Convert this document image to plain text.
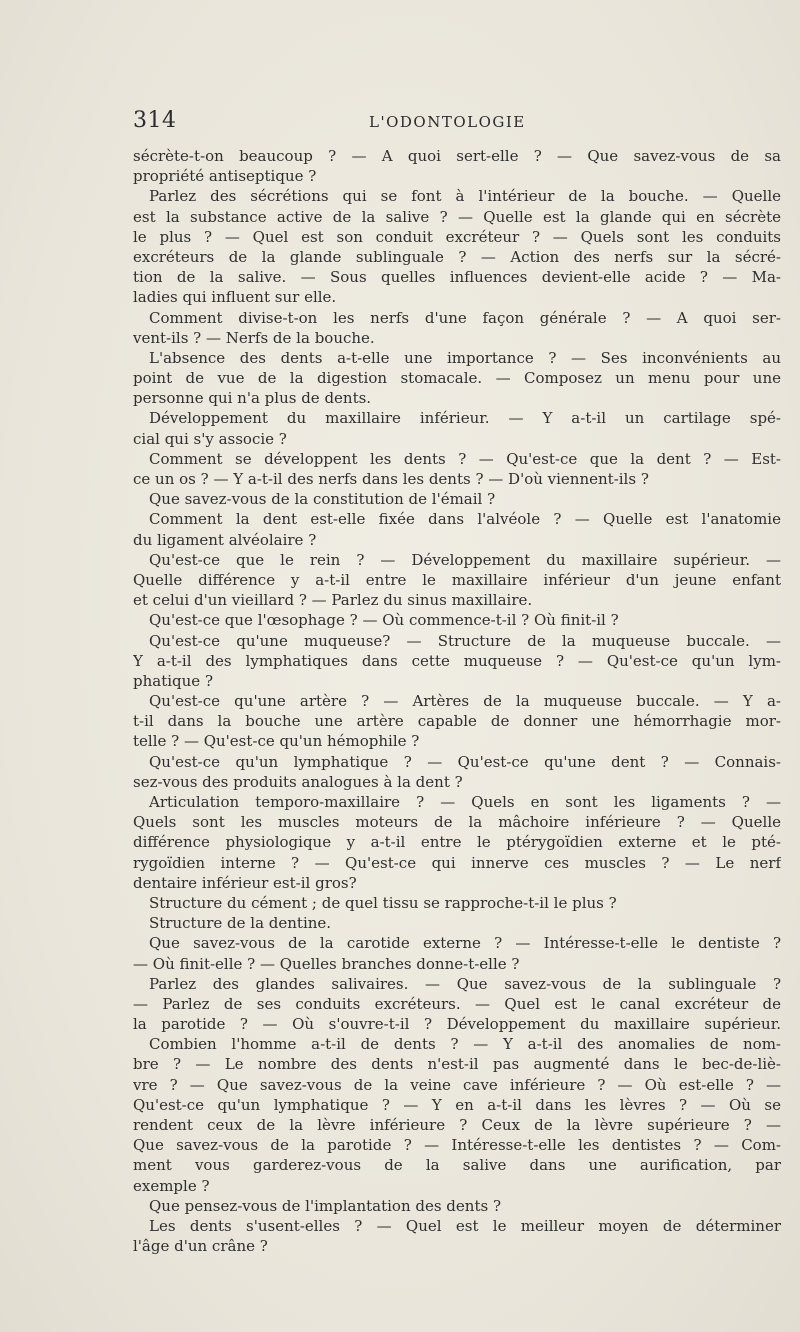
314	L'ODONTOLOGIE
sécrète-t-on beaucoup ? — A quoi sert-elle ? — Que savez-vous de sa
propriété antiseptique ?
Parlez des sécrétions qui se font à l'intérieur de la bouche. — Quelle
est la substance active de la salive ? — Quelle est la glande qui en sécrète
le plus ? — Quel est son conduit excréteur ? — Quels sont les conduits
excréteurs de la glande sublinguale ? — Action des nerfs sur la sécré-
tion de la salive. — Sous quelles influences devient-elle acide ? — Ma-
ladies qui influent sur elle.
Comment divise-t-on les nerfs d'une façon générale ? — A quoi ser-
vent-ils ? — Nerfs de la bouche.
L'absence des dents a-t-elle une importance ? — Ses inconvénients au
point de vue de la digestion stomacale. — Composez un menu pour une
personne qui n'a plus de dents.
Développement du maxillaire inférieur. — Y a-t-il un cartilage spé-
cial qui s'y associe ?
Comment se développent les dents ? — Qu'est-ce que la dent ? — Est-
ce un os ? — Y a-t-il des nerfs dans les dents ? — D'où viennent-ils ?
Que savez-vous de la constitution de l'émail ?
Comment la dent est-elle fixée dans l'alvéole ? — Quelle est l'anatomie
du ligament alvéolaire ?
Qu'est-ce que le rein ? — Développement du maxillaire supérieur. —
Quelle différence y a-t-il entre le maxillaire inférieur d'un jeune enfant
et celui d'un vieillard ? — Parlez du sinus maxillaire.
Qu'est-ce que l'œsophage ? — Où commence-t-il ? Où finit-il ?
Qu'est-ce qu'une muqueuse? — Structure de la muqueuse buccale. —
Y a-t-il des lymphatiques dans cette muqueuse ? — Qu'est-ce qu'un lym-
phatique ?
Qu'est-ce qu'une artère ? — Artères de la muqueuse buccale. — Y a-
t-il dans la bouche une artère capable de donner une hémorrhagie mor-
telle ? — Qu'est-ce qu'un hémophile ?
Qu'est-ce qu'un lymphatique ? — Qu'est-ce qu'une dent ? — Connais-
sez-vous des produits analogues à la dent ?
Articulation temporo-maxillaire ? — Quels en sont les ligaments ? —
Quels sont les muscles moteurs de la mâchoire inférieure ? — Quelle
différence physiologique y a-t-il entre le ptérygoïdien externe et le pté-
rygoïdien interne ? — Qu'est-ce qui innerve ces muscles ? — Le nerf
dentaire inférieur est-il gros?
Structure du cément ; de quel tissu se rapproche-t-il le plus ?
Structure de la dentine.
Que savez-vous de la carotide externe ? — Intéresse-t-elle le dentiste ?
— Où finit-elle ? — Quelles branches donne-t-elle ?
Parlez des glandes salivaires. — Que savez-vous de la sublinguale ?
— Parlez de ses conduits excréteurs. — Quel est le canal excréteur de
la parotide ? — Où s'ouvre-t-il ? Développement du maxillaire supérieur.
Combien l'homme a-t-il de dents ? — Y a-t-il des anomalies de nom-
bre ? — Le nombre des dents n'est-il pas augmenté dans le bec-de-liè-
vre ? — Que savez-vous de la veine cave inférieure ? — Où est-elle ? —
Qu'est-ce qu'un lymphatique ? — Y en a-t-il dans les lèvres ? — Où se
rendent ceux de la lèvre inférieure ? Ceux de la lèvre supérieure ? —
Que savez-vous de la parotide ? — Intéresse-t-elle les dentistes ? — Com-
ment vous garderez-vous de la salive dans une aurification, par
exemple ?
Que pensez-vous de l'implantation des dents ?
Les dents s'usent-elles ? — Quel est le meilleur moyen de déterminer
l'âge d'un crâne ?
